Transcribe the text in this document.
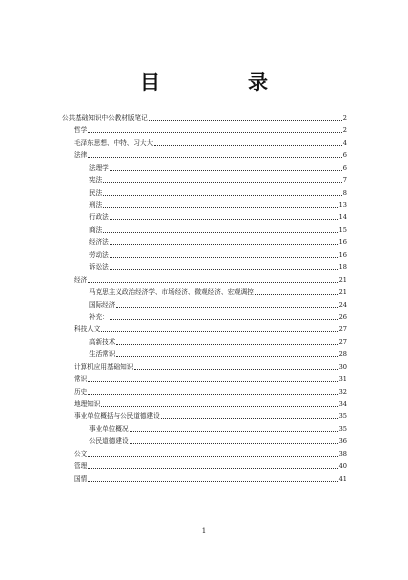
目　录
公共基础知识中公教材版笔记	2
哲学	2
毛泽东思想、中特、习大大	4
法律	6
法理学	6
宪法	7
民法	8
刑法	13
行政法	14
商法	15
经济法	16
劳动法	16
诉讼法	18
经济	21
马克思主义政治经济学、市场经济、微观经济、宏观调控	21
国际经济	24
补充：	26
科技人文	27
高新技术	27
生活常识	28
计算机应用基础知识	30
常识	31
历史	32
地理知识	34
事业单位概括与公民道德建设	35
事业单位概况	35
公民道德建设	36
公文	38
管理	40
国情	41
1
